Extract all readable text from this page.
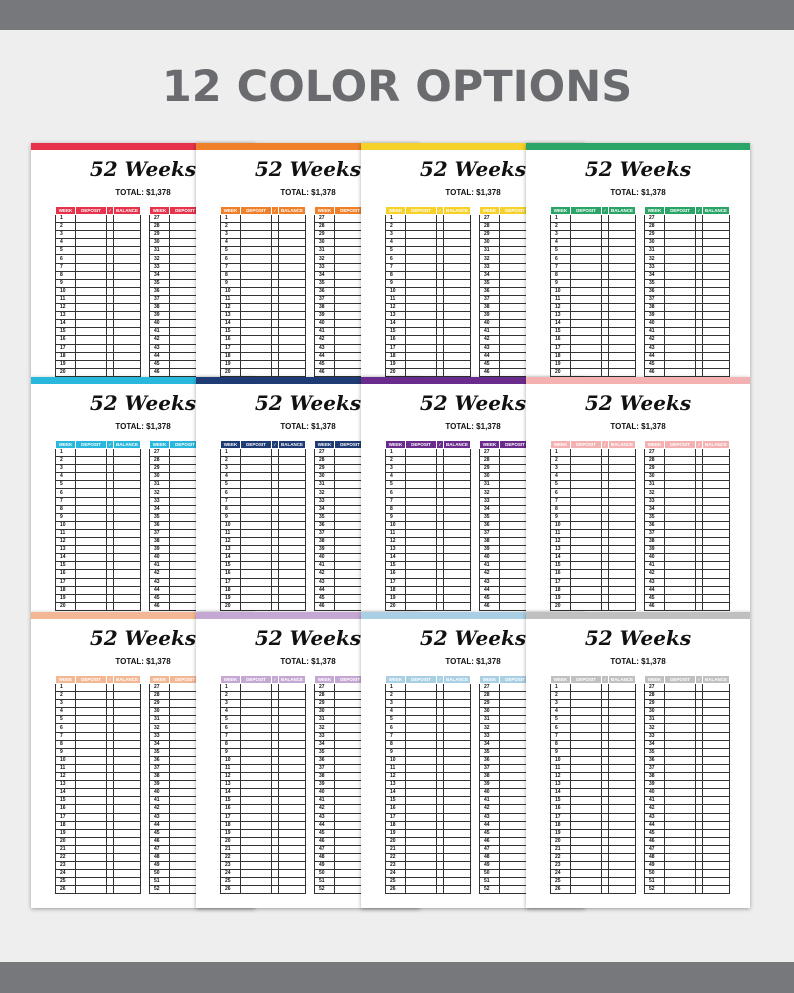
12 COLOR OPTIONS
52 Weeks
TOTAL: $1,378
WEEK	DEPOSIT	✓	BALANCE
1			
2			
3			
4			
5			
6			
7			
8			
9			
10			
11			
12			
13			
14			
15			
16			
17			
18			
19			
20			
WEEK	DEPOSIT
27	
28	
29	
30	
31	
32	
33	
34	
35	
36	
37	
38	
39	
40	
41	
42	
43	
44	
45	
46	
52 Weeks
TOTAL: $1,378
WEEK	DEPOSIT	✓	BALANCE
1			
2			
3			
4			
5			
6			
7			
8			
9			
10			
11			
12			
13			
14			
15			
16			
17			
18			
19			
20			
WEEK	DEPOSIT
27	
28	
29	
30	
31	
32	
33	
34	
35	
36	
37	
38	
39	
40	
41	
42	
43	
44	
45	
46	
52 Weeks
TOTAL: $1,378
WEEK	DEPOSIT	✓	BALANCE
1			
2			
3			
4			
5			
6			
7			
8			
9			
10			
11			
12			
13			
14			
15			
16			
17			
18			
19			
20			
WEEK	DEPOSIT
27	
28	
29	
30	
31	
32	
33	
34	
35	
36	
37	
38	
39	
40	
41	
42	
43	
44	
45	
46	
52 Weeks
TOTAL: $1,378
WEEK	DEPOSIT	✓	BALANCE
1			
2			
3			
4			
5			
6			
7			
8			
9			
10			
11			
12			
13			
14			
15			
16			
17			
18			
19			
20			
WEEK	DEPOSIT	✓	BALANCE
27			
28			
29			
30			
31			
32			
33			
34			
35			
36			
37			
38			
39			
40			
41			
42			
43			
44			
45			
46			
52 Weeks
TOTAL: $1,378
WEEK	DEPOSIT	✓	BALANCE
1			
2			
3			
4			
5			
6			
7			
8			
9			
10			
11			
12			
13			
14			
15			
16			
17			
18			
19			
20			
WEEK	DEPOSIT
27	
28	
29	
30	
31	
32	
33	
34	
35	
36	
37	
38	
39	
40	
41	
42	
43	
44	
45	
46	
52 Weeks
TOTAL: $1,378
WEEK	DEPOSIT	✓	BALANCE
1			
2			
3			
4			
5			
6			
7			
8			
9			
10			
11			
12			
13			
14			
15			
16			
17			
18			
19			
20			
WEEK	DEPOSIT
27	
28	
29	
30	
31	
32	
33	
34	
35	
36	
37	
38	
39	
40	
41	
42	
43	
44	
45	
46	
52 Weeks
TOTAL: $1,378
WEEK	DEPOSIT	✓	BALANCE
1			
2			
3			
4			
5			
6			
7			
8			
9			
10			
11			
12			
13			
14			
15			
16			
17			
18			
19			
20			
WEEK	DEPOSIT
27	
28	
29	
30	
31	
32	
33	
34	
35	
36	
37	
38	
39	
40	
41	
42	
43	
44	
45	
46	
52 Weeks
TOTAL: $1,378
WEEK	DEPOSIT	✓	BALANCE
1			
2			
3			
4			
5			
6			
7			
8			
9			
10			
11			
12			
13			
14			
15			
16			
17			
18			
19			
20			
WEEK	DEPOSIT	✓	BALANCE
27			
28			
29			
30			
31			
32			
33			
34			
35			
36			
37			
38			
39			
40			
41			
42			
43			
44			
45			
46			
52 Weeks
TOTAL: $1,378
WEEK	DEPOSIT	✓	BALANCE
1			
2			
3			
4			
5			
6			
7			
8			
9			
10			
11			
12			
13			
14			
15			
16			
17			
18			
19			
20			
21			
22			
23			
24			
25			
26			
WEEK	DEPOSIT
27	
28	
29	
30	
31	
32	
33	
34	
35	
36	
37	
38	
39	
40	
41	
42	
43	
44	
45	
46	
47	
48	
49	
50	
51	
52	
52 Weeks
TOTAL: $1,378
WEEK	DEPOSIT	✓	BALANCE
1			
2			
3			
4			
5			
6			
7			
8			
9			
10			
11			
12			
13			
14			
15			
16			
17			
18			
19			
20			
21			
22			
23			
24			
25			
26			
WEEK	DEPOSIT
27	
28	
29	
30	
31	
32	
33	
34	
35	
36	
37	
38	
39	
40	
41	
42	
43	
44	
45	
46	
47	
48	
49	
50	
51	
52	
52 Weeks
TOTAL: $1,378
WEEK	DEPOSIT	✓	BALANCE
1			
2			
3			
4			
5			
6			
7			
8			
9			
10			
11			
12			
13			
14			
15			
16			
17			
18			
19			
20			
21			
22			
23			
24			
25			
26			
WEEK	DEPOSIT
27	
28	
29	
30	
31	
32	
33	
34	
35	
36	
37	
38	
39	
40	
41	
42	
43	
44	
45	
46	
47	
48	
49	
50	
51	
52	
52 Weeks
TOTAL: $1,378
WEEK	DEPOSIT	✓	BALANCE
1			
2			
3			
4			
5			
6			
7			
8			
9			
10			
11			
12			
13			
14			
15			
16			
17			
18			
19			
20			
21			
22			
23			
24			
25			
26			
WEEK	DEPOSIT	✓	BALANCE
27			
28			
29			
30			
31			
32			
33			
34			
35			
36			
37			
38			
39			
40			
41			
42			
43			
44			
45			
46			
47			
48			
49			
50			
51			
52			
